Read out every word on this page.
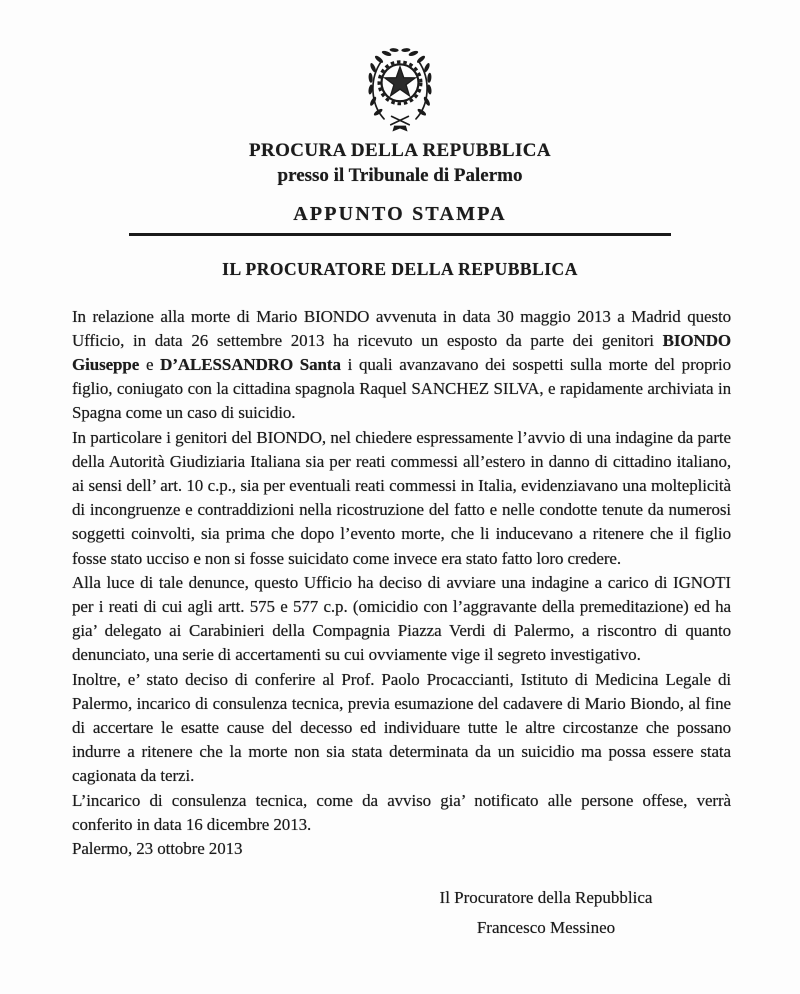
PROCURA DELLA REPUBBLICA
presso il Tribunale di Palermo
APPUNTO STAMPA
IL PROCURATORE DELLA REPUBBLICA

In relazione alla morte di Mario BIONDO avvenuta in data 30 maggio 2013 a Madrid questo Ufficio, in data 26 settembre 2013 ha ricevuto un esposto da parte dei genitori BIONDO Giuseppe e D’ALESSANDRO Santa i quali avanzavano dei sospetti sulla morte del proprio figlio, coniugato con la cittadina spagnola Raquel SANCHEZ SILVA, e rapidamente archiviata in Spagna come un caso di suicidio.

In particolare i genitori del BIONDO, nel chiedere espressamente l’avvio di una indagine da parte della Autorità Giudiziaria Italiana sia per reati commessi all’estero in danno di cittadino italiano, ai sensi dell’ art. 10 c.p., sia per eventuali reati commessi in Italia, evidenziavano una molteplicità di incongruenze e contraddizioni nella ricostruzione del fatto e nelle condotte tenute da numerosi soggetti coinvolti, sia prima che dopo l’evento morte, che li inducevano a ritenere che il figlio fosse stato ucciso e non si fosse suicidato come invece era stato fatto loro credere.

Alla luce di tale denunce, questo Ufficio ha deciso di avviare una indagine a carico di IGNOTI per i reati di cui agli artt. 575 e 577 c.p. (omicidio con l’aggravante della premeditazione) ed ha gia’ delegato ai Carabinieri della Compagnia Piazza Verdi di Palermo, a riscontro di quanto denunciato, una serie di accertamenti su cui ovviamente vige il segreto investigativo.

Inoltre, e’ stato deciso di conferire al Prof. Paolo Procaccianti, Istituto di Medicina Legale di Palermo, incarico di consulenza tecnica, previa esumazione del cadavere di Mario Biondo, al fine di accertare le esatte cause del decesso ed individuare tutte le altre circostanze che possano indurre a ritenere che la morte non sia stata determinata da un suicidio ma possa essere stata cagionata da terzi.

L’incarico di consulenza tecnica, come da avviso gia’ notificato alle persone offese, verrà conferito in data 16 dicembre 2013.

Palermo, 23 ottobre 2013

Il Procuratore della Repubblica
Francesco Messineo
